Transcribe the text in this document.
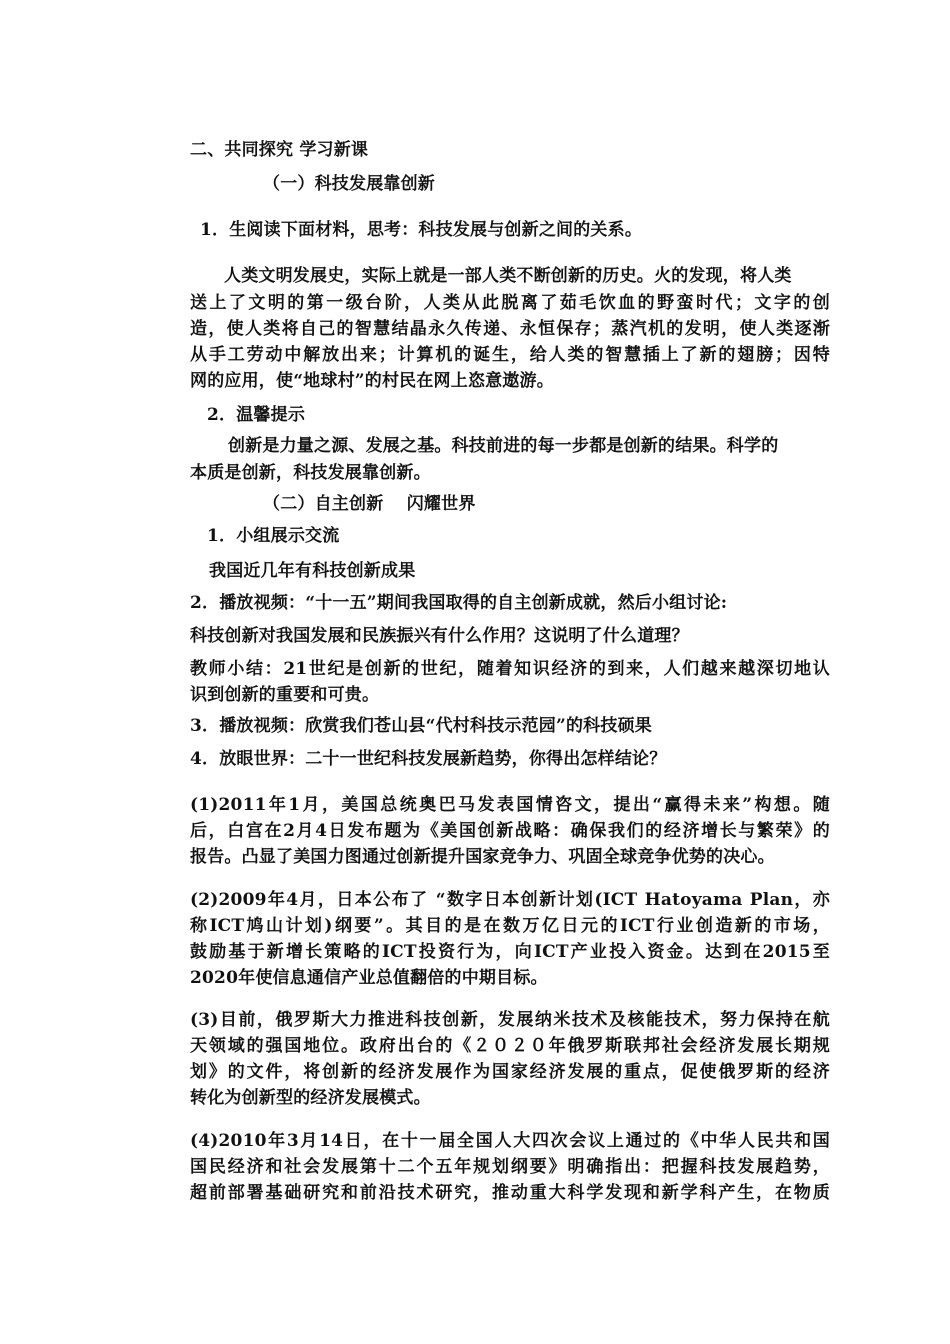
二、共同探究 学习新课
（一）科技发展靠创新
1．生阅读下面材料，思考：科技发展与创新之间的关系。
人类文明发展史，实际上就是一部人类不断创新的历史。火的发现，将人类
送上了文明的第一级台阶，人类从此脱离了茹毛饮血的野蛮时代；文字的创
造，使人类将自己的智慧结晶永久传递、永恒保存；蒸汽机的发明，使人类逐渐
从手工劳动中解放出来；计算机的诞生，给人类的智慧插上了新的翅膀；因特
网的应用，使“地球村”的村民在网上恣意遨游。
2．温馨提示
创新是力量之源、发展之基。科技前进的每一步都是创新的结果。科学的
本质是创新，科技发展靠创新。
（二）自主创新　 闪耀世界
1．小组展示交流
我国近几年有科技创新成果
2．播放视频：“十一五”期间我国取得的自主创新成就，然后小组讨论:
科技创新对我国发展和民族振兴有什么作用？这说明了什么道理？
教师小结：21世纪是创新的世纪，随着知识经济的到来，人们越来越深切地认
识到创新的重要和可贵。
3．播放视频：欣赏我们苍山县“代村科技示范园”的科技硕果
4．放眼世界：二十一世纪科技发展新趋势，你得出怎样结论？
(1)2011年1月，美国总统奥巴马发表国情咨文，提出“赢得未来”构想。随
后，白宫在2月4日发布题为《美国创新战略：确保我们的经济增长与繁荣》的
报告。凸显了美国力图通过创新提升国家竞争力、巩固全球竞争优势的决心。
(2)2009年4月，日本公布了 “数字日本创新计划(ICT Hatoyama Plan，亦
称ICT鸠山计划)纲要”。其目的是在数万亿日元的ICT行业创造新的市场，
鼓励基于新增长策略的ICT投资行为，向ICT产业投入资金。达到在2015至
2020年使信息通信产业总值翻倍的中期目标。
(3)目前，俄罗斯大力推进科技创新，发展纳米技术及核能技术，努力保持在航
天领域的强国地位。政府出台的《２０２０年俄罗斯联邦社会经济发展长期规
划》的文件，将创新的经济发展作为国家经济发展的重点，促使俄罗斯的经济
转化为创新型的经济发展模式。
(4)2010年3月14日，在十一届全国人大四次会议上通过的《中华人民共和国
国民经济和社会发展第十二个五年规划纲要》明确指出：把握科技发展趋势，
超前部署基础研究和前沿技术研究，推动重大科学发现和新学科产生，在物质
